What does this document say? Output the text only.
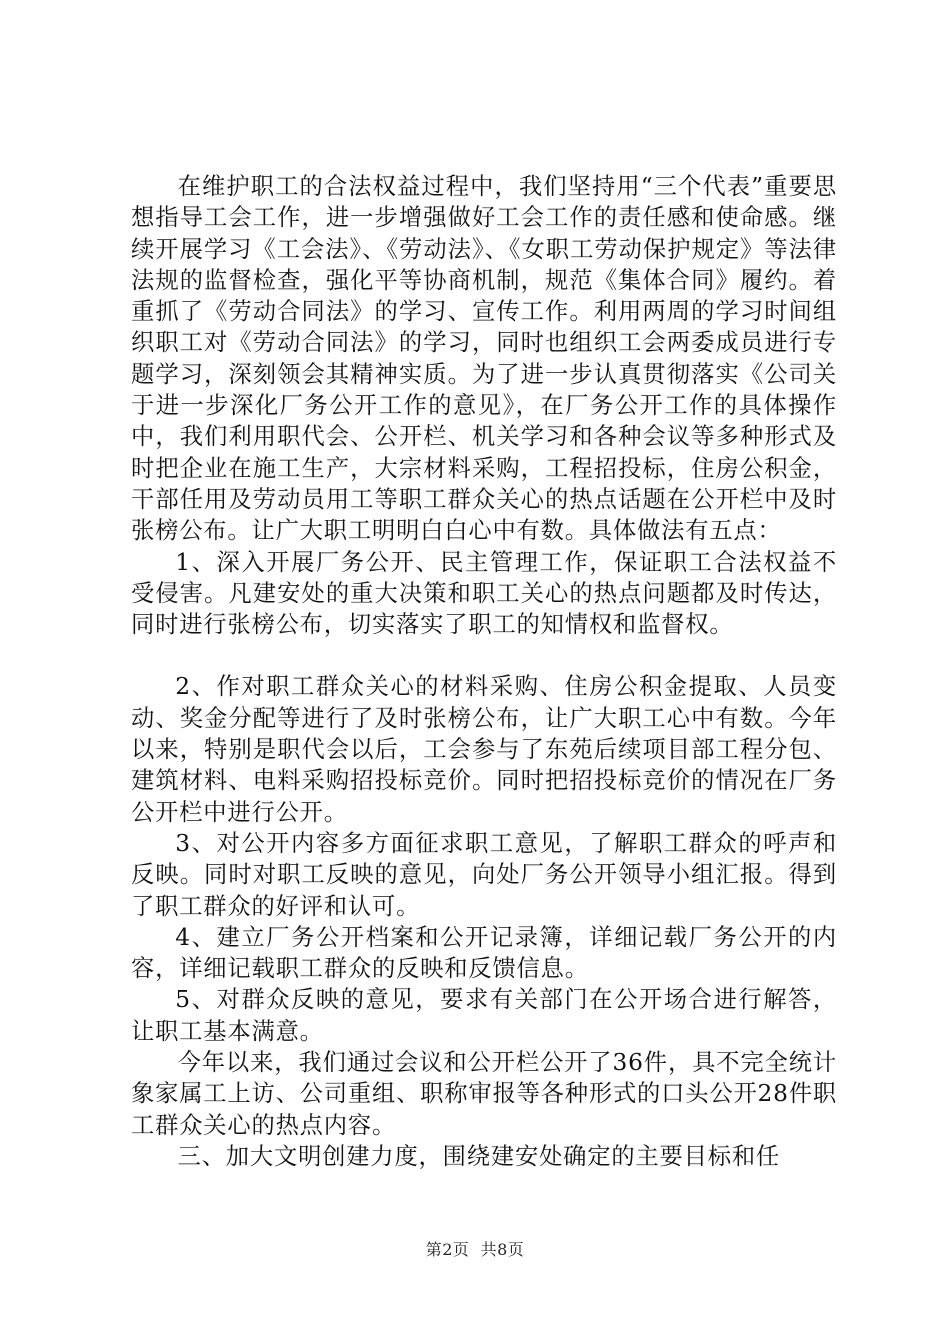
在维护职工的合法权益过程中，我们坚持用“三个代表”重要思想指导工会工作，进一步增强做好工会工作的责任感和使命感。继续开展学习《工会法》、《劳动法》、《女职工劳动保护规定》等法律法规的监督检查，强化平等协商机制，规范《集体合同》履约。着重抓了《劳动合同法》的学习、宣传工作。利用两周的学习时间组织职工对《劳动合同法》的学习，同时也组织工会两委成员进行专题学习，深刻领会其精神实质。为了进一步认真贯彻落实《公司关于进一步深化厂务公开工作的意见》，在厂务公开工作的具体操作中，我们利用职代会、公开栏、机关学习和各种会议等多种形式及时把企业在施工生产，大宗材料采购，工程招投标，住房公积金，干部任用及劳动员用工等职工群众关心的热点话题在公开栏中及时张榜公布。让广大职工明明白白心中有数。具体做法有五点：

1、深入开展厂务公开、民主管理工作，保证职工合法权益不受侵害。凡建安处的重大决策和职工关心的热点问题都及时传达，同时进行张榜公布，切实落实了职工的知情权和监督权。

2、作对职工群众关心的材料采购、住房公积金提取、人员变动、奖金分配等进行了及时张榜公布，让广大职工心中有数。今年以来，特别是职代会以后，工会参与了东苑后续项目部工程分包、建筑材料、电料采购招投标竞价。同时把招投标竞价的情况在厂务公开栏中进行公开。

3、对公开内容多方面征求职工意见，了解职工群众的呼声和反映。同时对职工反映的意见，向处厂务公开领导小组汇报。得到了职工群众的好评和认可。

4、建立厂务公开档案和公开记录簿，详细记载厂务公开的内容，详细记载职工群众的反映和反馈信息。

5、对群众反映的意见，要求有关部门在公开场合进行解答，让职工基本满意。

今年以来，我们通过会议和公开栏公开了36件，具不完全统计象家属工上访、公司重组、职称审报等各种形式的口头公开28件职工群众关心的热点内容。

三、加大文明创建力度，围绕建安处确定的主要目标和任

第2页  共8页
